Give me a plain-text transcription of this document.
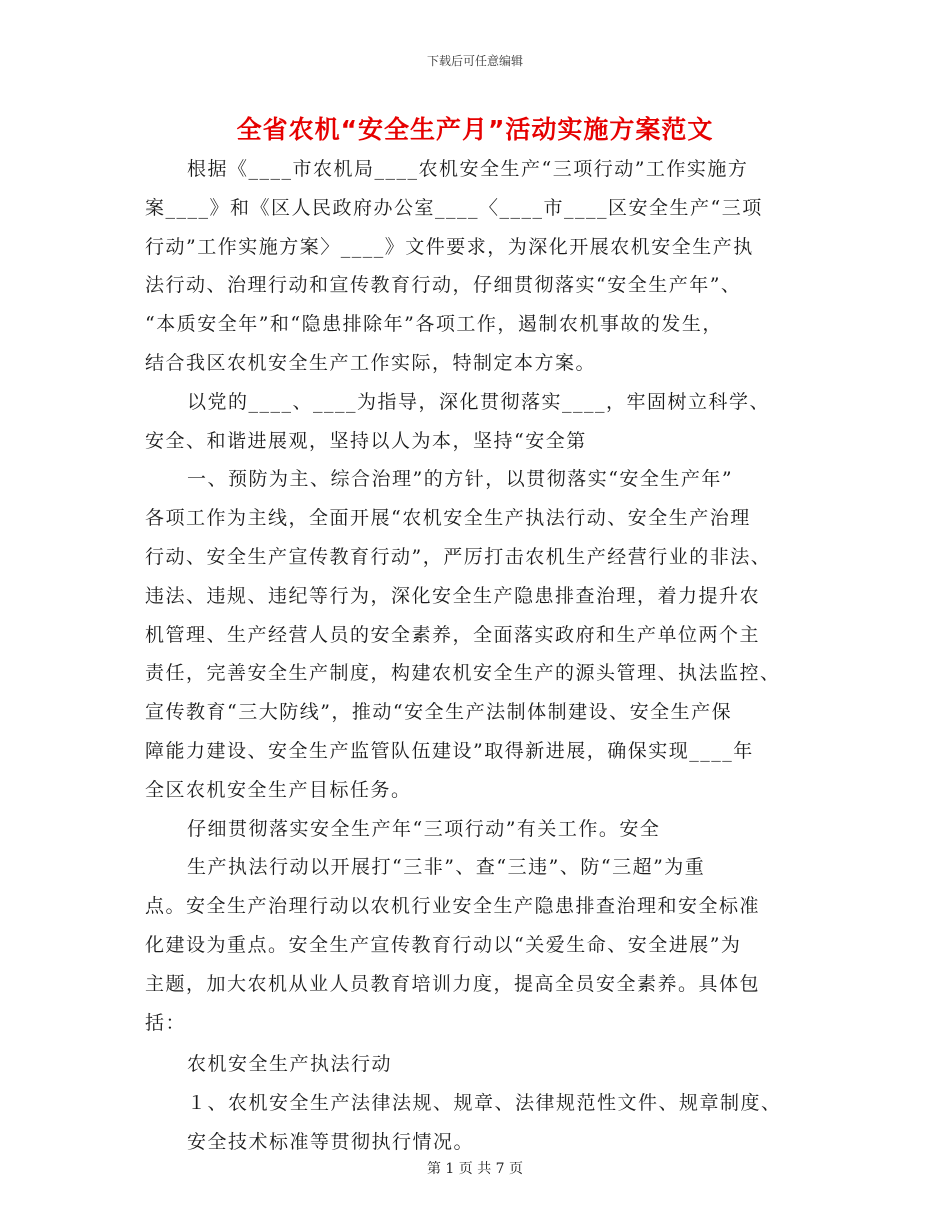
下载后可任意编辑
全省农机“安全生产月”活动实施方案范文
根据《____市农机局____农机安全生产“三项行动”工作实施方
案____》和《区人民政府办公室____〈____市____区安全生产“三项
行动”工作实施方案〉____》文件要求，为深化开展农机安全生产执
法行动、治理行动和宣传教育行动，仔细贯彻落实“安全生产年”、
“本质安全年”和“隐患排除年”各项工作，遏制农机事故的发生，
结合我区农机安全生产工作实际，特制定本方案。
以党的____、____为指导，深化贯彻落实____，牢固树立科学、
安全、和谐进展观，坚持以人为本，坚持“安全第
一、预防为主、综合治理”的方针，以贯彻落实“安全生产年”
各项工作为主线，全面开展“农机安全生产执法行动、安全生产治理
行动、安全生产宣传教育行动”，严厉打击农机生产经营行业的非法、
违法、违规、违纪等行为，深化安全生产隐患排查治理，着力提升农
机管理、生产经营人员的安全素养，全面落实政府和生产单位两个主
责任，完善安全生产制度，构建农机安全生产的源头管理、执法监控、
宣传教育“三大防线”，推动“安全生产法制体制建设、安全生产保
障能力建设、安全生产监管队伍建设”取得新进展，确保实现____年
全区农机安全生产目标任务。
仔细贯彻落实安全生产年“三项行动”有关工作。安全
生产执法行动以开展打“三非”、查“三违”、防“三超”为重
点。安全生产治理行动以农机行业安全生产隐患排查治理和安全标准
化建设为重点。安全生产宣传教育行动以“关爱生命、安全进展”为
主题，加大农机从业人员教育培训力度，提高全员安全素养。具体包
括：
农机安全生产执法行动
１、农机安全生产法律法规、规章、法律规范性文件、规章制度、
安全技术标准等贯彻执行情况。
第 1 页 共 7 页
